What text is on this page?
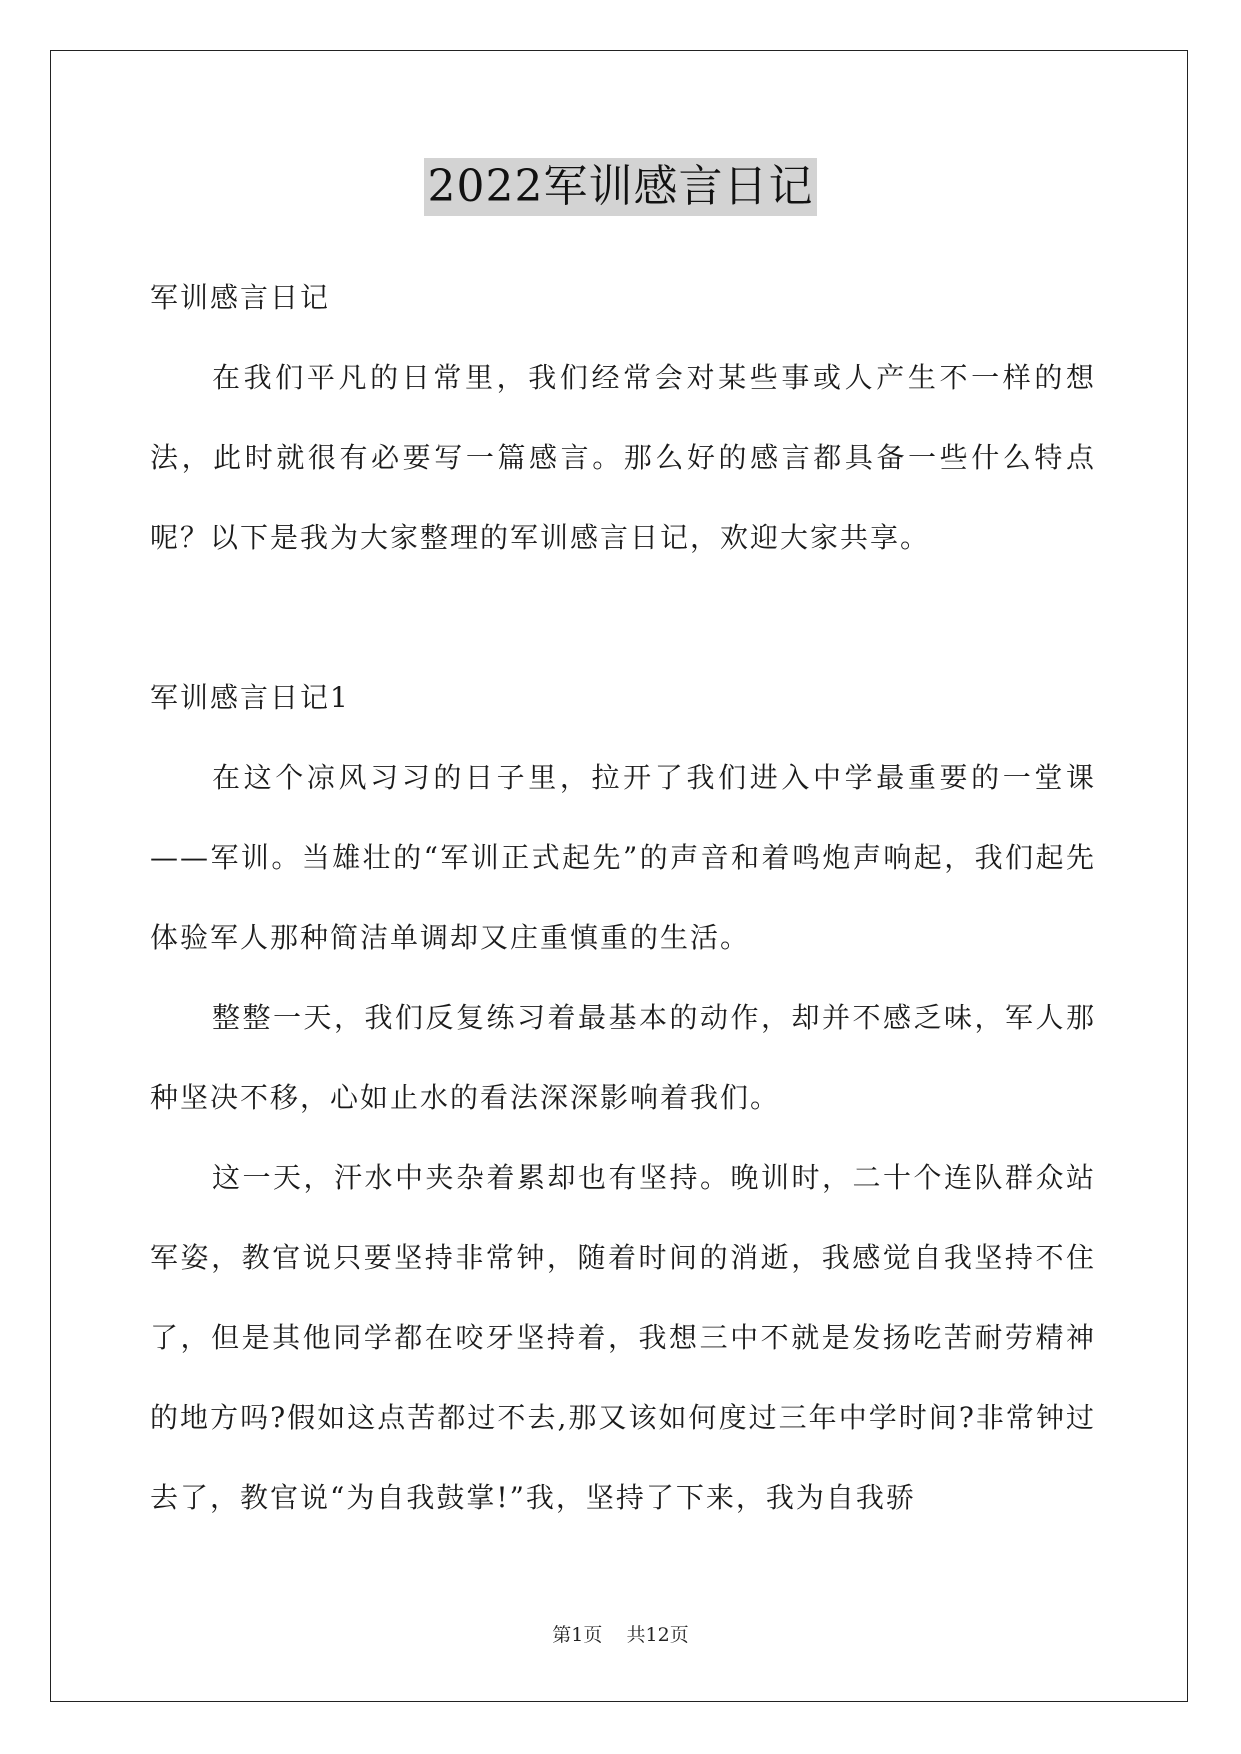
2022军训感言日记

军训感言日记

在我们平凡的日常里，我们经常会对某些事或人产生不一样的想法，此时就很有必要写一篇感言。那么好的感言都具备一些什么特点呢？以下是我为大家整理的军训感言日记，欢迎大家共享。

军训感言日记1

在这个凉风习习的日子里，拉开了我们进入中学最重要的一堂课——军训。当雄壮的“军训正式起先”的声音和着鸣炮声响起，我们起先体验军人那种简洁单调却又庄重慎重的生活。

整整一天，我们反复练习着最基本的动作，却并不感乏味，军人那种坚决不移，心如止水的看法深深影响着我们。

这一天，汗水中夹杂着累却也有坚持。晚训时，二十个连队群众站军姿，教官说只要坚持非常钟，随着时间的消逝，我感觉自我坚持不住了，但是其他同学都在咬牙坚持着，我想三中不就是发扬吃苦耐劳精神的地方吗?假如这点苦都过不去,那又该如何度过三年中学时间?非常钟过去了，教官说“为自我鼓掌!”我，坚持了下来，我为自我骄

第1页 共12页
